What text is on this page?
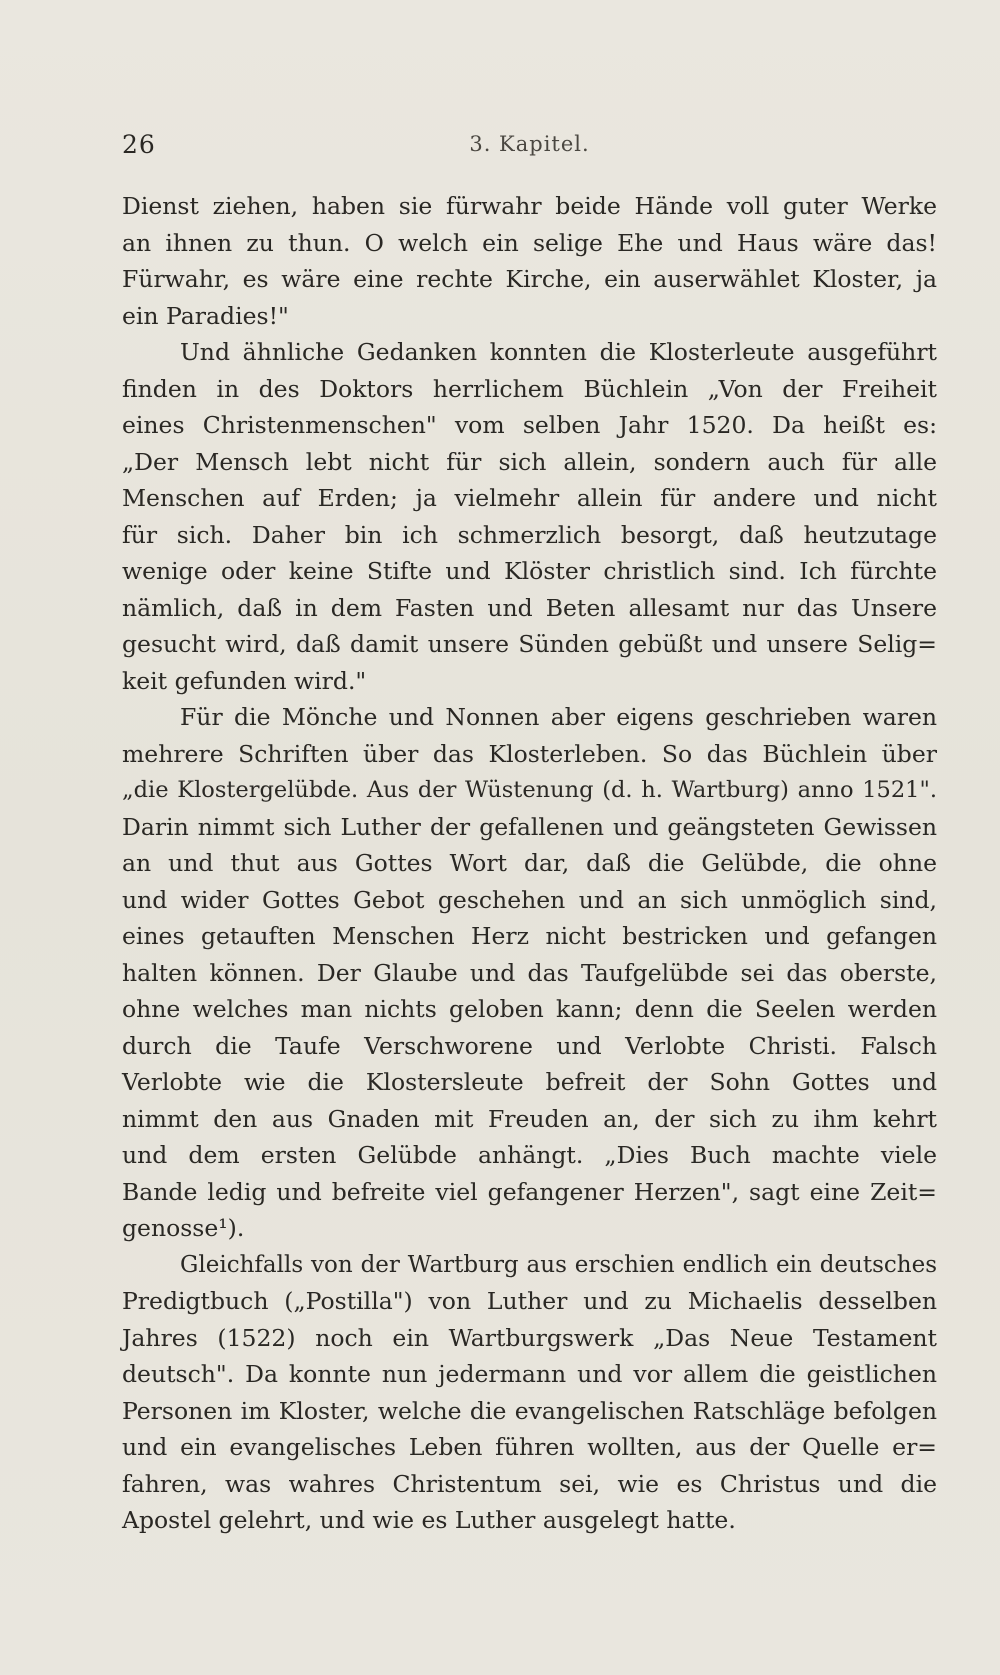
26	3. Kapitel.
Dienst ziehen, haben sie fürwahr beide Hände voll guter Werke
an ihnen zu thun. O welch ein selige Ehe und Haus wäre das!
Fürwahr, es wäre eine rechte Kirche, ein auserwählet Kloster, ja
ein Paradies!"
Und ähnliche Gedanken konnten die Klosterleute ausgeführt
finden in des Doktors herrlichem Büchlein „Von der Freiheit
eines Christenmenschen" vom selben Jahr 1520. Da heißt es:
„Der Mensch lebt nicht für sich allein, sondern auch für alle
Menschen auf Erden; ja vielmehr allein für andere und nicht
für sich. Daher bin ich schmerzlich besorgt, daß heutzutage
wenige oder keine Stifte und Klöster christlich sind. Ich fürchte
nämlich, daß in dem Fasten und Beten allesamt nur das Unsere
gesucht wird, daß damit unsere Sünden gebüßt und unsere Selig=
keit gefunden wird."
Für die Mönche und Nonnen aber eigens geschrieben waren
mehrere Schriften über das Klosterleben. So das Büchlein über
„die Klostergelübde. Aus der Wüstenung (d. h. Wartburg) anno 1521".
Darin nimmt sich Luther der gefallenen und geängsteten Gewissen
an und thut aus Gottes Wort dar, daß die Gelübde, die ohne
und wider Gottes Gebot geschehen und an sich unmöglich sind,
eines getauften Menschen Herz nicht bestricken und gefangen
halten können. Der Glaube und das Taufgelübde sei das oberste,
ohne welches man nichts geloben kann; denn die Seelen werden
durch die Taufe Verschworene und Verlobte Christi. Falsch
Verlobte wie die Klostersleute befreit der Sohn Gottes und
nimmt den aus Gnaden mit Freuden an, der sich zu ihm kehrt
und dem ersten Gelübde anhängt. „Dies Buch machte viele
Bande ledig und befreite viel gefangener Herzen", sagt eine Zeit=
genosse¹).
Gleichfalls von der Wartburg aus erschien endlich ein deutsches
Predigtbuch („Postilla") von Luther und zu Michaelis desselben
Jahres (1522) noch ein Wartburgswerk „Das Neue Testament
deutsch". Da konnte nun jedermann und vor allem die geistlichen
Personen im Kloster, welche die evangelischen Ratschläge befolgen
und ein evangelisches Leben führen wollten, aus der Quelle er=
fahren, was wahres Christentum sei, wie es Christus und die
Apostel gelehrt, und wie es Luther ausgelegt hatte.
